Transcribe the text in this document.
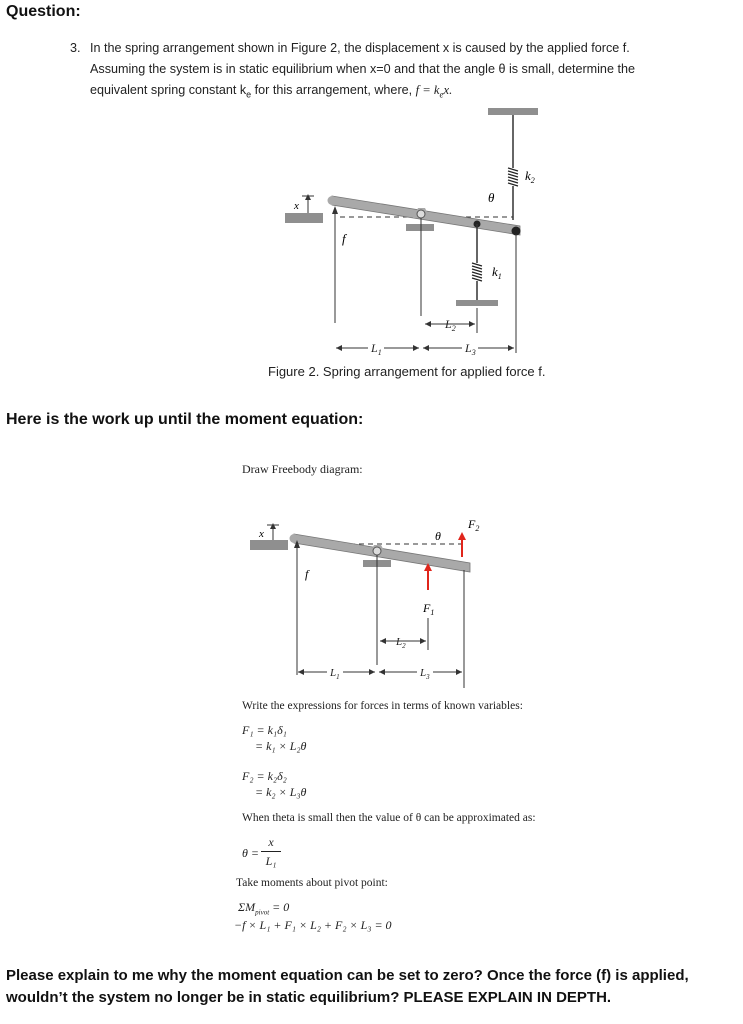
Question:
3. In the spring arrangement shown in Figure 2, the displacement x is caused by the applied force f.
Assuming the system is in static equilibrium when x=0 and that the angle θ is small, determine the
equivalent spring constant $k_e$ for this arrangement, where, $f = k_ex$.
$k_2$
θ
x
f
$k_1$
$L_2$
$L_1$	$L_3$
Figure 2. Spring arrangement for applied force f.
Here is the work up until the moment equation:
Draw Freebody diagram:
x
f
$F_1$
$F_2$
θ
$L_2$
$L_1$	$L_3$
Write the expressions for forces in terms of known variables:
F₁ = k₁δ₁
= k₁ × L₂θ
F₂ = k₂δ₂
= k₂ × L₃θ
When theta is small then the value of θ can be approximated as:
θ =
x
L₁
Take moments about pivot point:
$\Sigma M_{pivot} = 0$
−f × L₁ + F₁ × L₂ + F₂ × L₃ = 0
Please explain to me why the moment equation can be set to zero? Once the force (f) is applied,
wouldn’t the system no longer be in static equilibrium? PLEASE EXPLAIN IN DEPTH.
